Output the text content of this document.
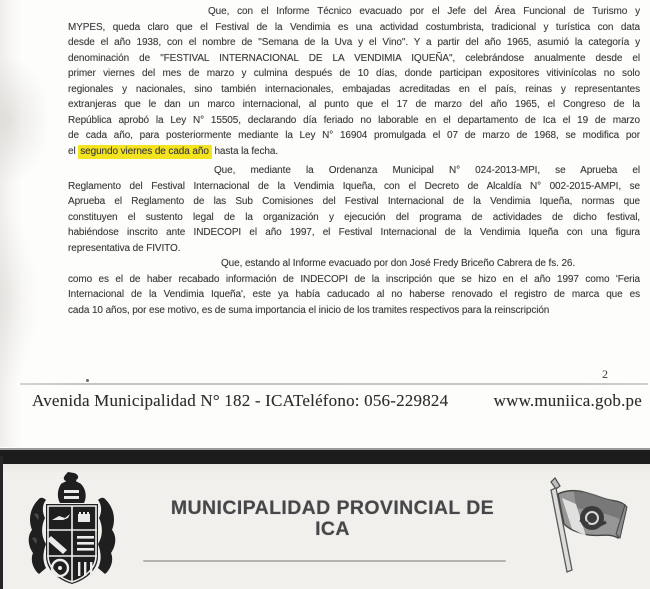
Que, con el Informe Técnico evacuado por el Jefe del Área Funcional de Turismo y
MYPES, queda claro que el Festival de la Vendimia es una actividad costumbrista, tradicional y turística con data
desde el año 1938, con el nombre de "Semana de la Uva y el Vino". Y a partir del año 1965, asumió la categoría y
denominación de "FESTIVAL INTERNACIONAL DE LA VENDIMIA IQUEÑA", celebrándose anualmente desde el
primer viernes del mes de marzo y culmina después de 10 días, donde participan expositores vitivinícolas no solo
regionales y nacionales, sino también internacionales, embajadas acreditadas en el país, reinas y representantes
extranjeras que le dan un marco internacional, al punto que el 17 de marzo del año 1965, el Congreso de la
República aprobó la Ley N° 15505, declarando día feriado no laborable en el departamento de Ica el 19 de marzo
de cada año, para posteriormente mediante la Ley N° 16904 promulgada el 07 de marzo de 1968, se modifica por
el segundo viernes de cada año hasta la fecha.
Que, mediante la Ordenanza Municipal N° 024-2013-MPI, se Aprueba el
Reglamento del Festival Internacional de la Vendimia Iqueña, con el Decreto de Alcaldía N° 002-2015-AMPI, se
Aprueba el Reglamento de las Sub Comisiones del Festival Internacional de la Vendimia Iqueña, normas que
constituyen el sustento legal de la organización y ejecución del programa de actividades de dicho festival,
habiéndose inscrito ante INDECOPI el año 1997, el Festival Internacional de la Vendimia Iqueña con una figura
representativa de FIVITO.
Que, estando al Informe evacuado por don José Fredy Briceño Cabrera de fs. 26.
como es el de haber recabado información de INDECOPI de la inscripción que se hizo en el año 1997 como 'Feria
Internacional de la Vendimia Iqueña', este ya había caducado al no haberse renovado el registro de marca que es
cada 10 años, por ese motivo, es de suma importancia el inicio de los tramites respectivos para la reinscripción
2
Avenida Municipalidad N° 182 - ICA
Teléfono: 056-229824	www.muniica.gob.pe
MUNICIPALIDAD PROVINCIAL DE
ICA
